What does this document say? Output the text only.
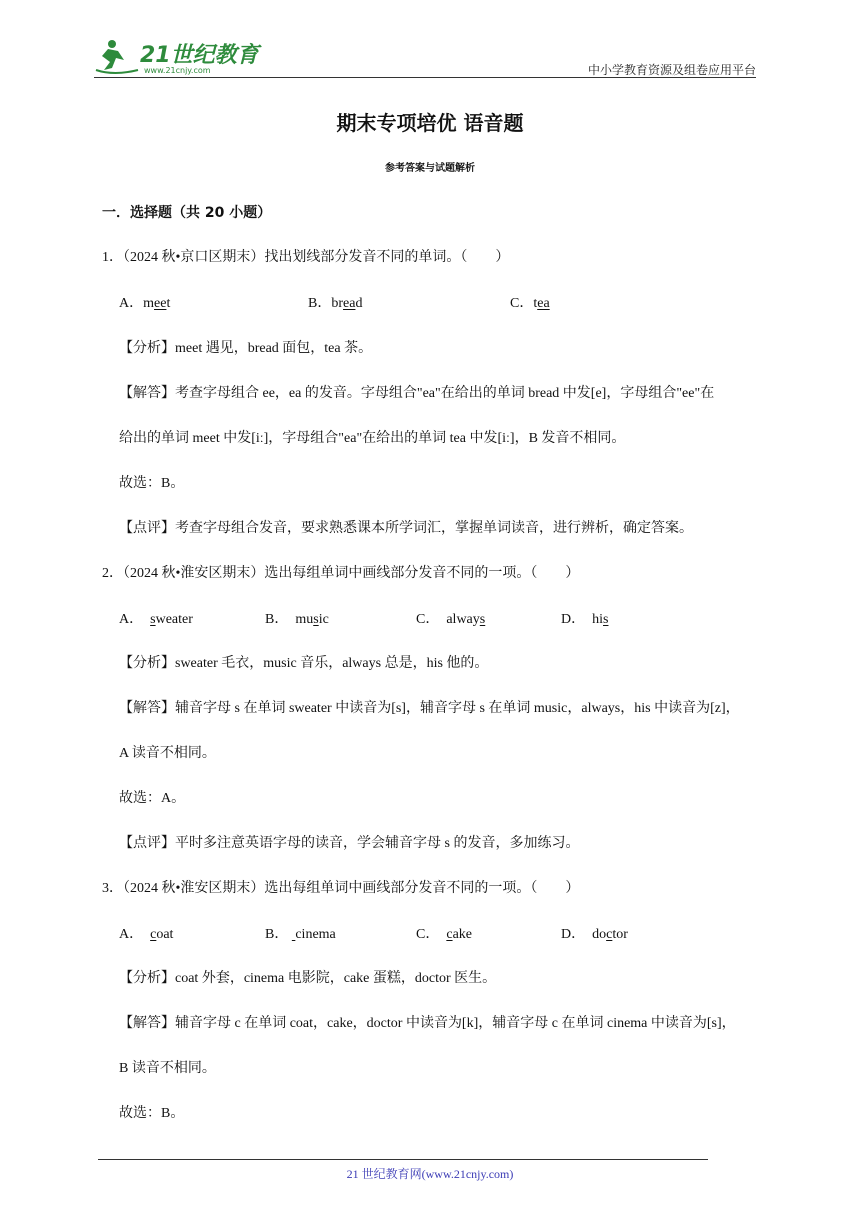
21世纪教育
www.21cnjy.com	中小学教育资源及组卷应用平台
期末专项培优 语音题
参考答案与试题解析
一．选择题（共 20 小题）
1．（2024 秋•京口区期末）找出划线部分发音不同的单词。（　　）
A．meet	B．bread	C．tea
【分析】meet 遇见，bread 面包，tea 茶。
【解答】考查字母组合 ee，ea 的发音。字母组合"ea"在给出的单词 bread 中发[e]，字母组合"ee"在
给出的单词 meet 中发[iː]，字母组合"ea"在给出的单词 tea 中发[iː]，B 发音不相同。
故选：B。
【点评】考查字母组合发音，要求熟悉课本所学词汇，掌握单词读音，进行辨析，确定答案。
2．（2024 秋•淮安区期末）选出每组单词中画线部分发音不同的一项。（　　）
A． sweater	B． music	C． always	D． his
【分析】sweater 毛衣，music 音乐，always 总是，his 他的。
【解答】辅音字母 s 在单词 sweater 中读音为[s]，辅音字母 s 在单词 music，always，his 中读音为[z]，
A 读音不相同。
故选：A。
【点评】平时多注意英语字母的读音，学会辅音字母 s 的发音，多加练习。
3．（2024 秋•淮安区期末）选出每组单词中画线部分发音不同的一项。（　　）
A． coat	B． cinema	C． cake	D． doctor
【分析】coat 外套，cinema 电影院，cake 蛋糕，doctor 医生。
【解答】辅音字母 c 在单词 coat，cake，doctor 中读音为[k]，辅音字母 c 在单词 cinema 中读音为[s]，
B 读音不相同。
故选：B。
21 世纪教育网(www.21cnjy.com)
